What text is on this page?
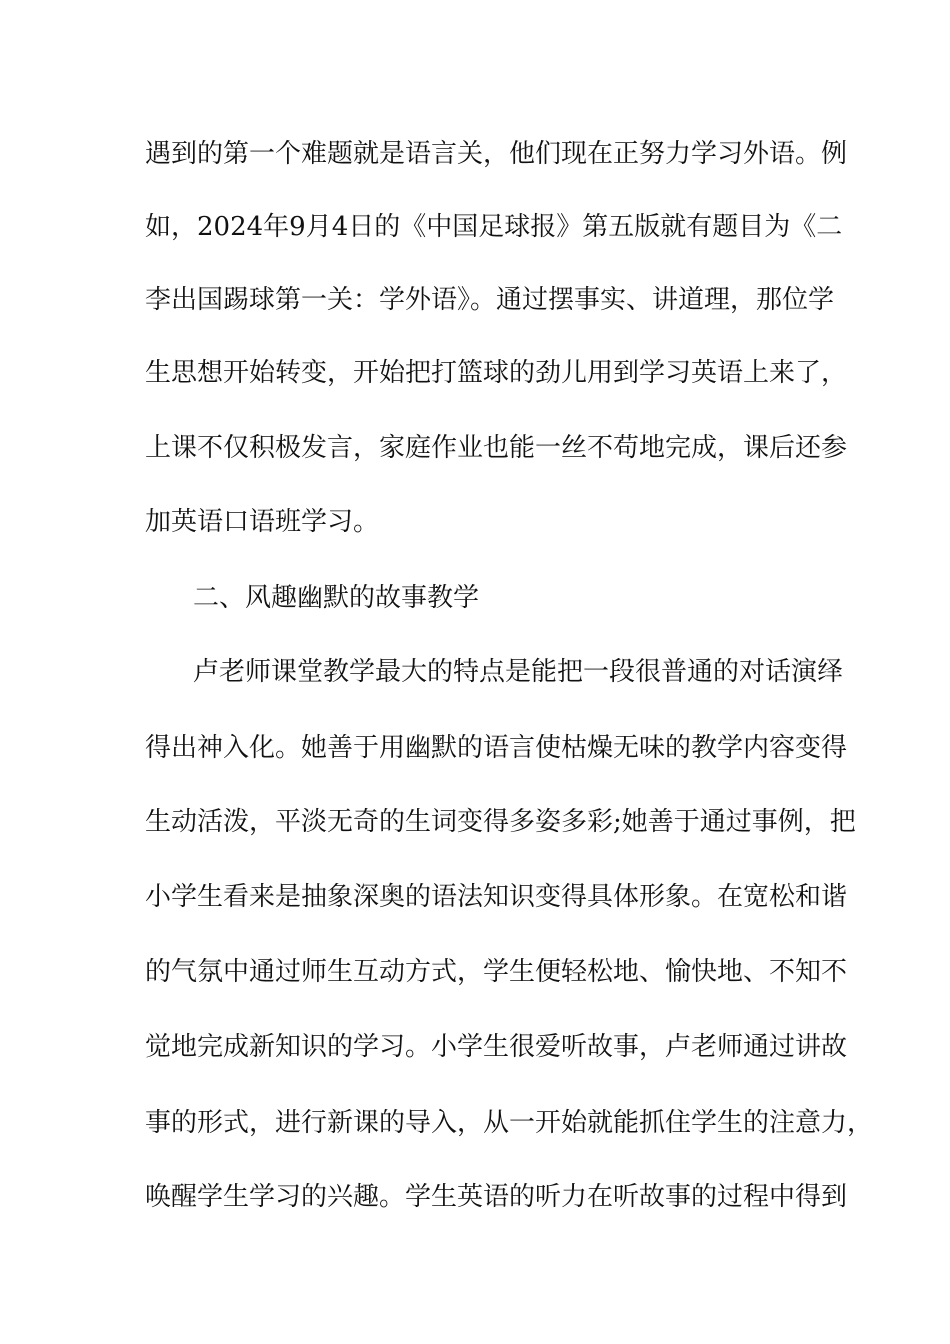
遇到的第一个难题就是语言关，他们现在正努力学习外语。例
如，2024年9月4日的《中国足球报》第五版就有题目为《二
李出国踢球第一关：学外语》。通过摆事实、讲道理，那位学
生思想开始转变，开始把打篮球的劲儿用到学习英语上来了，
上课不仅积极发言，家庭作业也能一丝不苟地完成，课后还参
加英语口语班学习。
二、风趣幽默的故事教学
卢老师课堂教学最大的特点是能把一段很普通的对话演绎
得出神入化。她善于用幽默的语言使枯燥无味的教学内容变得
生动活泼，平淡无奇的生词变得多姿多彩;她善于通过事例，把
小学生看来是抽象深奥的语法知识变得具体形象。在宽松和谐
的气氛中通过师生互动方式，学生便轻松地、愉快地、不知不
觉地完成新知识的学习。小学生很爱听故事，卢老师通过讲故
事的形式，进行新课的导入，从一开始就能抓住学生的注意力，
唤醒学生学习的兴趣。学生英语的听力在听故事的过程中得到
